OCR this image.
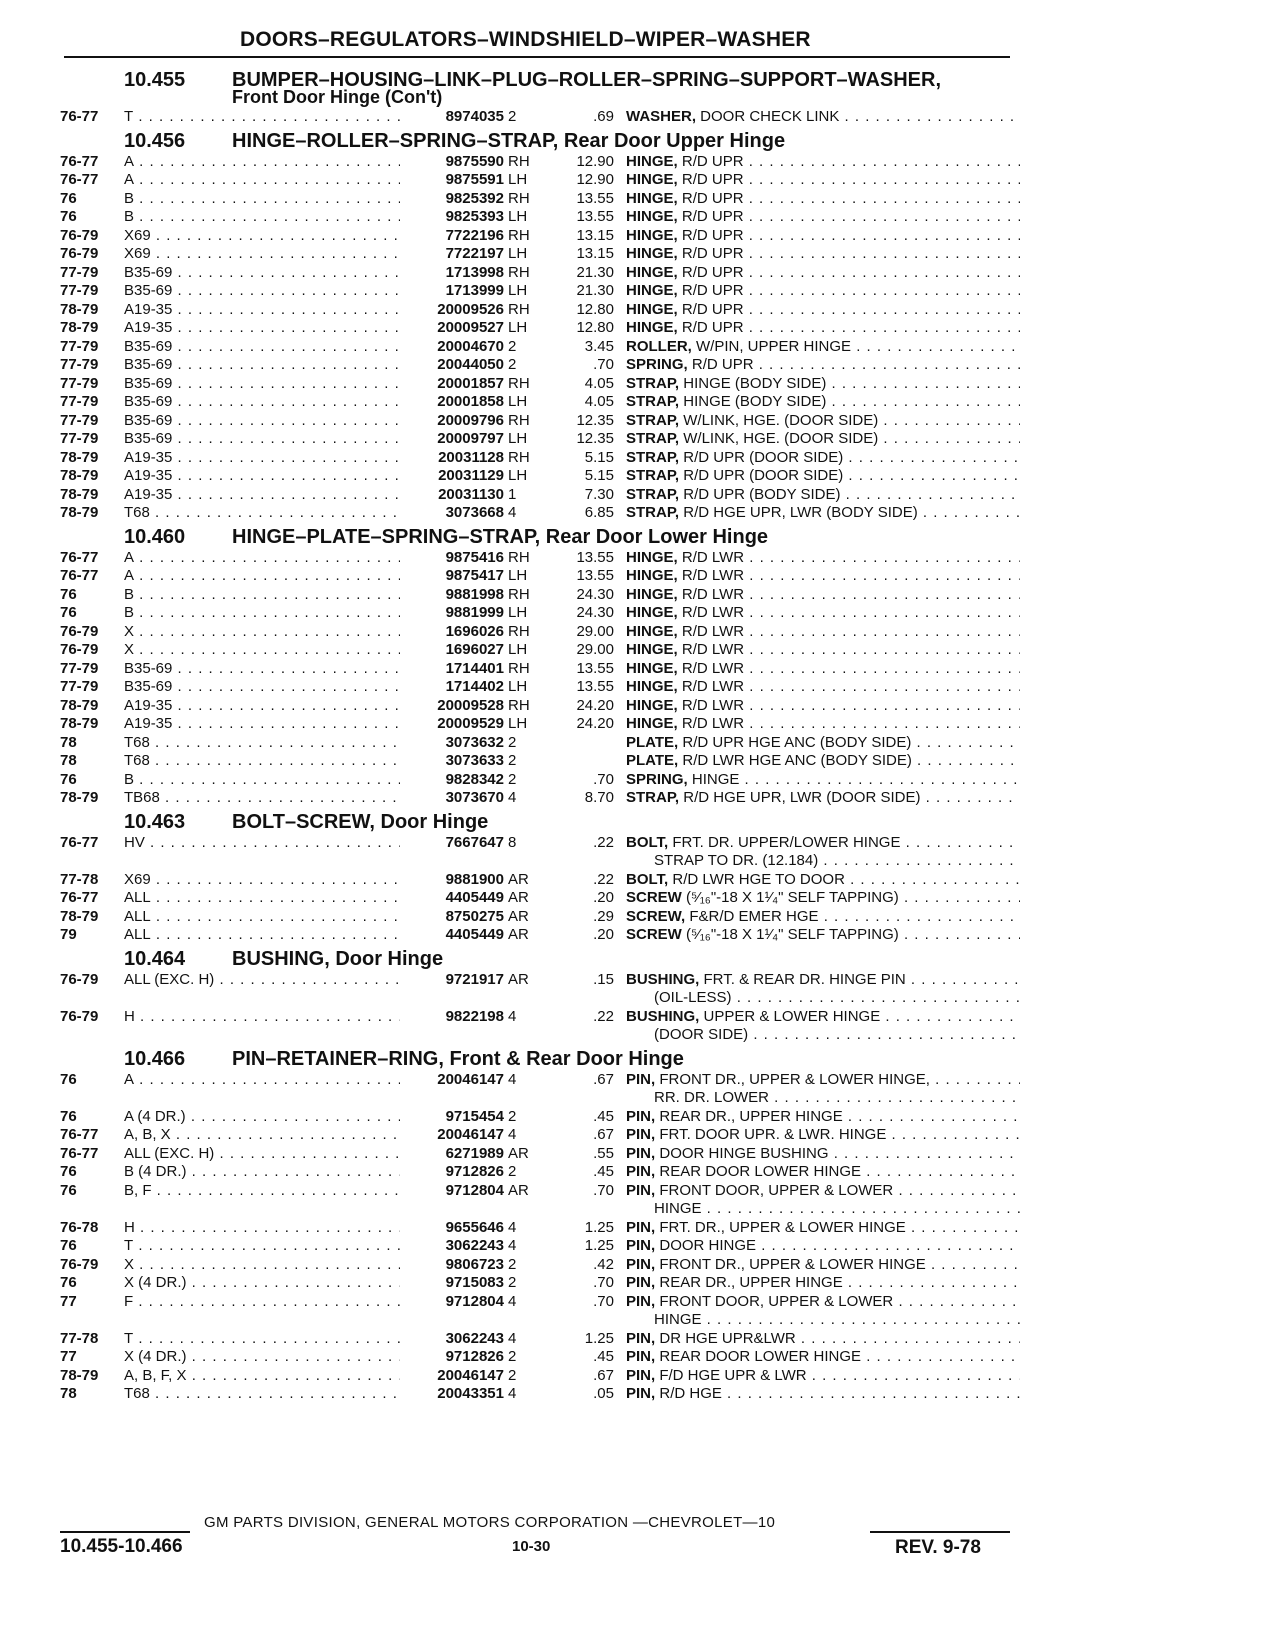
DOORS–REGULATORS–WINDSHIELD–WIPER–WASHER
10.455 BUMPER–HOUSING–LINK–PLUG–ROLLER–SPRING–SUPPORT–WASHER,
Front Door Hinge (Con't)
76-77	T . . .	8974035 2	.69 WASHER, DOOR CHECK LINK . . .
10.456 HINGE–ROLLER–SPRING–STRAP, Rear Door Upper Hinge
76-77	A . . .	9875590 RH	12.90 HINGE, R/D UPR . . .
76-77	A . . .	9875591 LH	12.90 HINGE, R/D UPR . . .
76	B . . .	9825392 RH	13.55 HINGE, R/D UPR . . .
76	B . . .	9825393 LH	13.55 HINGE, R/D UPR . . .
76-79	X69 . . .	7722196 RH	13.15 HINGE, R/D UPR . . .
76-79	X69 . . .	7722197 LH	13.15 HINGE, R/D UPR . . .
77-79	B35-69 . . .	1713998 RH	21.30 HINGE, R/D UPR . . .
77-79	B35-69 . . .	1713999 LH	21.30 HINGE, R/D UPR . . .
78-79	A19-35 . . .	20009526 RH	12.80 HINGE, R/D UPR . . .
78-79	A19-35 . . .	20009527 LH	12.80 HINGE, R/D UPR . . .
77-79	B35-69 . . .	20004670 2	3.45 ROLLER, W/PIN, UPPER HINGE . . .
77-79	B35-69 . . .	20044050 2	.70 SPRING, R/D UPR . . .
77-79	B35-69 . . .	20001857 RH	4.05 STRAP, HINGE (BODY SIDE) . . .
77-79	B35-69 . . .	20001858 LH	4.05 STRAP, HINGE (BODY SIDE) . . .
77-79	B35-69 . . .	20009796 RH	12.35 STRAP, W/LINK, HGE. (DOOR SIDE) . . .
77-79	B35-69 . . .	20009797 LH	12.35 STRAP, W/LINK, HGE. (DOOR SIDE) . . .
78-79	A19-35 . . .	20031128 RH	5.15 STRAP, R/D UPR (DOOR SIDE) . . .
78-79	A19-35 . . .	20031129 LH	5.15 STRAP, R/D UPR (DOOR SIDE) . . .
78-79	A19-35 . . .	20031130 1	7.30 STRAP, R/D UPR (BODY SIDE) . . .
78-79	T68 . . .	3073668 4	6.85 STRAP, R/D HGE UPR, LWR (BODY SIDE) . . .
10.460 HINGE–PLATE–SPRING–STRAP, Rear Door Lower Hinge
76-77	A . . .	9875416 RH	13.55 HINGE, R/D LWR . . .
76-77	A . . .	9875417 LH	13.55 HINGE, R/D LWR . . .
76	B . . .	9881998 RH	24.30 HINGE, R/D LWR . . .
76	B . . .	9881999 LH	24.30 HINGE, R/D LWR . . .
76-79	X . . .	1696026 RH	29.00 HINGE, R/D LWR . . .
76-79	X . . .	1696027 LH	29.00 HINGE, R/D LWR . . .
77-79	B35-69 . . .	1714401 RH	13.55 HINGE, R/D LWR . . .
77-79	B35-69 . . .	1714402 LH	13.55 HINGE, R/D LWR . . .
78-79	A19-35 . . .	20009528 RH	24.20 HINGE, R/D LWR . . .
78-79	A19-35 . . .	20009529 LH	24.20 HINGE, R/D LWR . . .
78	T68 . . .	3073632 2	PLATE, R/D UPR HGE ANC (BODY SIDE) . . .
78	T68 . . .	3073633 2	PLATE, R/D LWR HGE ANC (BODY SIDE) . . .
76	B . . .	9828342 2	.70 SPRING, HINGE . . .
78-79	TB68 . . .	3073670 4	8.70 STRAP, R/D HGE UPR, LWR (DOOR SIDE) . . .
10.463 BOLT–SCREW, Door Hinge
76-77	HV . . .	7667647 8	.22 BOLT, FRT. DR. UPPER/LOWER HINGE . . .
STRAP TO DR. (12.184) . . .
77-78	X69 . . .	9881900 AR	.22 BOLT, R/D LWR HGE TO DOOR . . .
76-77	ALL . . .	4405449 AR	.20 SCREW (⁵⁄₁₆"-18 X 1¹⁄₄" SELF TAPPING) . . .
78-79	ALL . . .	8750275 AR	.29 SCREW, F&R/D EMER HGE . . .
79	ALL . . .	4405449 AR	.20 SCREW (⁵⁄₁₆"-18 X 1¹⁄₄" SELF TAPPING) . . .
10.464 BUSHING, Door Hinge
76-79	ALL (EXC. H) . . .	9721917 AR	.15 BUSHING, FRT. & REAR DR. HINGE PIN . . .
(OIL-LESS) . . .
76-79	H . . .	9822198 4	.22 BUSHING, UPPER & LOWER HINGE . . .
(DOOR SIDE) . . .
10.466 PIN–RETAINER–RING, Front & Rear Door Hinge
76	A . . .	20046147 4	.67 PIN, FRONT DR., UPPER & LOWER HINGE, . . .
RR. DR. LOWER . . .
76	A (4 DR.) . . .	9715454 2	.45 PIN, REAR DR., UPPER HINGE . . .
76-77	A, B, X . . .	20046147 4	.67 PIN, FRT. DOOR UPR. & LWR. HINGE . . .
76-77	ALL (EXC. H) . . .	6271989 AR	.55 PIN, DOOR HINGE BUSHING . . .
76	B (4 DR.) . . .	9712826 2	.45 PIN, REAR DOOR LOWER HINGE . . .
76	B, F . . .	9712804 AR	.70 PIN, FRONT DOOR, UPPER & LOWER . . .
HINGE . . .
76-78	H . . .	9655646 4	1.25 PIN, FRT. DR., UPPER & LOWER HINGE . . .
76	T . . .	3062243 4	1.25 PIN, DOOR HINGE . . .
76-79	X . . .	9806723 2	.42 PIN, FRONT DR., UPPER & LOWER HINGE . . .
76	X (4 DR.) . . .	9715083 2	.70 PIN, REAR DR., UPPER HINGE . . .
77	F . . .	9712804 4	.70 PIN, FRONT DOOR, UPPER & LOWER . . .
HINGE . . .
77-78	T . . .	3062243 4	1.25 PIN, DR HGE UPR&LWR . . .
77	X (4 DR.) . . .	9712826 2	.45 PIN, REAR DOOR LOWER HINGE . . .
78-79	A, B, F, X . . .	20046147 2	.67 PIN, F/D HGE UPR & LWR . . .
78	T68 . . .	20043351 4	.05 PIN, R/D HGE . . .
GM PARTS DIVISION, GENERAL MOTORS CORPORATION —CHEVROLET—10
10.455-10.466	10-30	REV. 9-78
